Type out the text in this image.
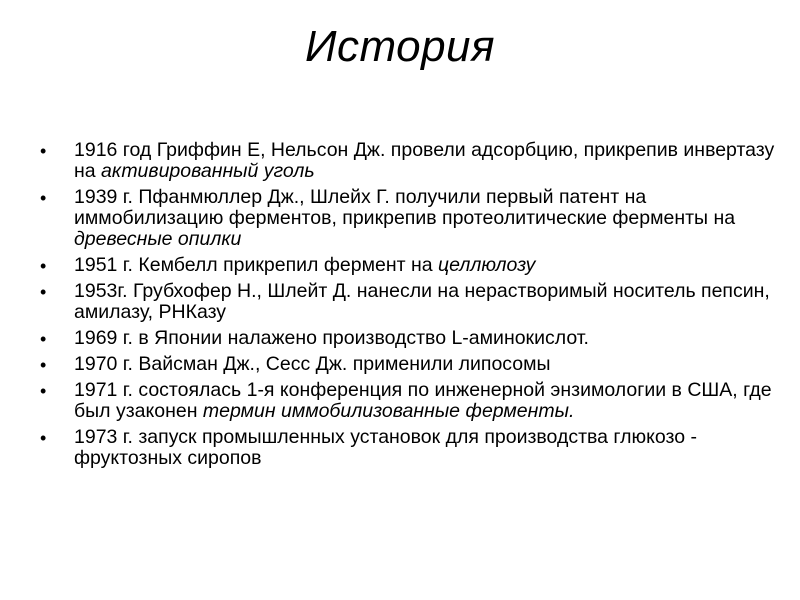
История
• 1916 год Гриффин Е, Нельсон Дж. провели адсорбцию, прикрепив инвертазу на активированный уголь
• 1939 г. Пфанмюллер Дж., Шлейх Г. получили первый патент на иммобилизацию ферментов, прикрепив протеолитические ферменты на древесные опилки
• 1951 г. Кембелл прикрепил фермент на целлюлозу
• 1953г. Грубхофер Н., Шлейт Д. нанесли на нерастворимый носитель пепсин, амилазу, РНКазу
• 1969 г. в Японии налажено производство L-аминокислот.
• 1970 г. Вайсман Дж., Сесс Дж. применили липосомы
• 1971 г. состоялась 1-я конференция по инженерной энзимологии в США, где был узаконен термин иммобилизованные ферменты.
• 1973 г. запуск промышленных установок для производства глюкозо - фруктозных сиропов
